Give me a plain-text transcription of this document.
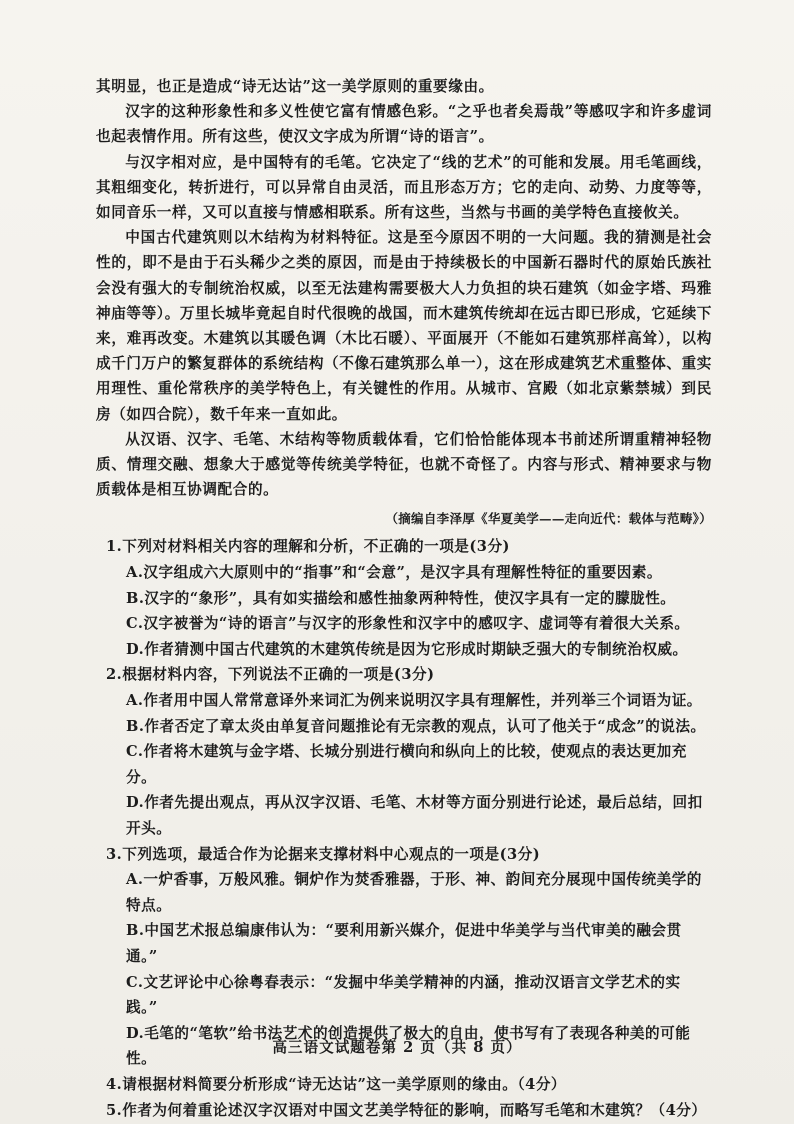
其明显，也正是造成“诗无达诂”这一美学原则的重要缘由。

汉字的这种形象性和多义性使它富有情感色彩。“之乎也者矣焉哉”等感叹字和许多虚词也起表情作用。所有这些，使汉文字成为所谓“诗的语言”。

与汉字相对应，是中国特有的毛笔。它决定了“线的艺术”的可能和发展。用毛笔画线，其粗细变化，转折进行，可以异常自由灵活，而且形态万方；它的走向、动势、力度等等，如同音乐一样，又可以直接与情感相联系。所有这些，当然与书画的美学特色直接攸关。

中国古代建筑则以木结构为材料特征。这是至今原因不明的一大问题。我的猜测是社会性的，即不是由于石头稀少之类的原因，而是由于持续极长的中国新石器时代的原始氏族社会没有强大的专制统治权威，以至无法建构需要极大人力负担的块石建筑（如金字塔、玛雅神庙等等）。万里长城毕竟起自时代很晚的战国，而木建筑传统却在远古即已形成，它延续下来，难再改变。木建筑以其暖色调（木比石暖）、平面展开（不能如石建筑那样高耸），以构成千门万户的繁复群体的系统结构（不像石建筑那么单一），这在形成建筑艺术重整体、重实用理性、重伦常秩序的美学特色上，有关键性的作用。从城市、宫殿（如北京紫禁城）到民房（如四合院），数千年来一直如此。

从汉语、汉字、毛笔、木结构等物质载体看，它们恰恰能体现本书前述所谓重精神轻物质、情理交融、想象大于感觉等传统美学特征，也就不奇怪了。内容与形式、精神要求与物质载体是相互协调配合的。

（摘编自李泽厚《华夏美学——走向近代：载体与范畴》）

1.下列对材料相关内容的理解和分析，不正确的一项是(3分)

A.汉字组成六大原则中的“指事”和“会意”，是汉字具有理解性特征的重要因素。

B.汉字的“象形”，具有如实描绘和感性抽象两种特性，使汉字具有一定的朦胧性。

C.汉字被誉为“诗的语言”与汉字的形象性和汉字中的感叹字、虚词等有着很大关系。

D.作者猜测中国古代建筑的木建筑传统是因为它形成时期缺乏强大的专制统治权威。

2.根据材料内容，下列说法不正确的一项是(3分)

A.作者用中国人常常意译外来词汇为例来说明汉字具有理解性，并列举三个词语为证。

B.作者否定了章太炎由单复音问题推论有无宗教的观点，认可了他关于“成念”的说法。

C.作者将木建筑与金字塔、长城分别进行横向和纵向上的比较，使观点的表达更加充分。

D.作者先提出观点，再从汉字汉语、毛笔、木材等方面分别进行论述，最后总结，回扣开头。

3.下列选项，最适合作为论据来支撑材料中心观点的一项是(3分)

A.一炉香事，万般风雅。铜炉作为焚香雅器，于形、神、韵间充分展现中国传统美学的特点。

B.中国艺术报总编康伟认为：“要利用新兴媒介，促进中华美学与当代审美的融会贯通。”

C.文艺评论中心徐粤春表示：“发掘中华美学精神的内涵，推动汉语言文学艺术的实践。”

D.毛笔的“笔软”给书法艺术的创造提供了极大的自由，使书写有了表现各种美的可能性。

4.请根据材料简要分析形成“诗无达诂”这一美学原则的缘由。（4分）

5.作者为何着重论述汉字汉语对中国文艺美学特征的影响，而略写毛笔和木建筑？（4分）

高三语文试题卷第 2 页（共 8 页）
